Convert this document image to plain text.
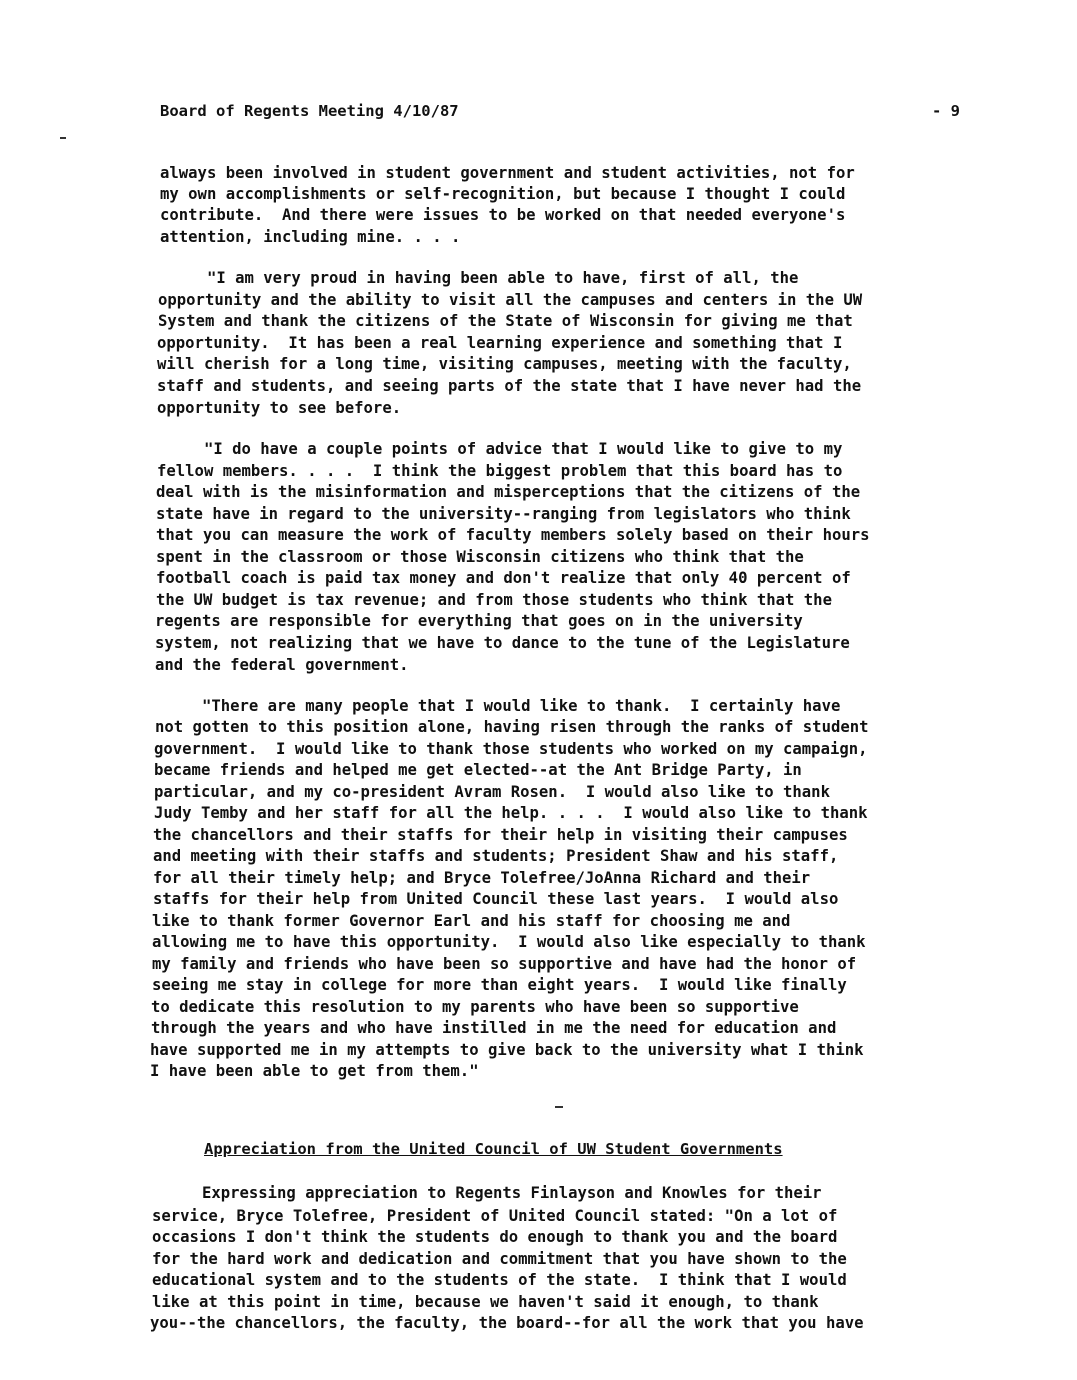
Board of Regents Meeting 4/10/87	- 9
always been involved in student government and student activities, not for
my own accomplishments or self-recognition, but because I thought I could
contribute.  And there were issues to be worked on that needed everyone's
attention, including mine. . . .
"I am very proud in having been able to have, first of all, the
opportunity and the ability to visit all the campuses and centers in the UW
System and thank the citizens of the State of Wisconsin for giving me that
opportunity.  It has been a real learning experience and something that I
will cherish for a long time, visiting campuses, meeting with the faculty,
staff and students, and seeing parts of the state that I have never had the
opportunity to see before.
"I do have a couple points of advice that I would like to give to my
fellow members. . . .  I think the biggest problem that this board has to
deal with is the misinformation and misperceptions that the citizens of the
state have in regard to the university--ranging from legislators who think
that you can measure the work of faculty members solely based on their hours
spent in the classroom or those Wisconsin citizens who think that the
football coach is paid tax money and don't realize that only 40 percent of
the UW budget is tax revenue; and from those students who think that the
regents are responsible for everything that goes on in the university
system, not realizing that we have to dance to the tune of the Legislature
and the federal government.
"There are many people that I would like to thank.  I certainly have
not gotten to this position alone, having risen through the ranks of student
government.  I would like to thank those students who worked on my campaign,
became friends and helped me get elected--at the Ant Bridge Party, in
particular, and my co-president Avram Rosen.  I would also like to thank
Judy Temby and her staff for all the help. . . .  I would also like to thank
the chancellors and their staffs for their help in visiting their campuses
and meeting with their staffs and students; President Shaw and his staff,
for all their timely help; and Bryce Tolefree/JoAnna Richard and their
staffs for their help from United Council these last years.  I would also
like to thank former Governor Earl and his staff for choosing me and
allowing me to have this opportunity.  I would also like especially to thank
my family and friends who have been so supportive and have had the honor of
seeing me stay in college for more than eight years.  I would like finally
to dedicate this resolution to my parents who have been so supportive
through the years and who have instilled in me the need for education and
have supported me in my attempts to give back to the university what I think
I have been able to get from them."
Appreciation from the United Council of UW Student Governments
Expressing appreciation to Regents Finlayson and Knowles for their
service, Bryce Tolefree, President of United Council stated: "On a lot of
occasions I don't think the students do enough to thank you and the board
for the hard work and dedication and commitment that you have shown to the
educational system and to the students of the state.  I think that I would
like at this point in time, because we haven't said it enough, to thank
you--the chancellors, the faculty, the board--for all the work that you have
